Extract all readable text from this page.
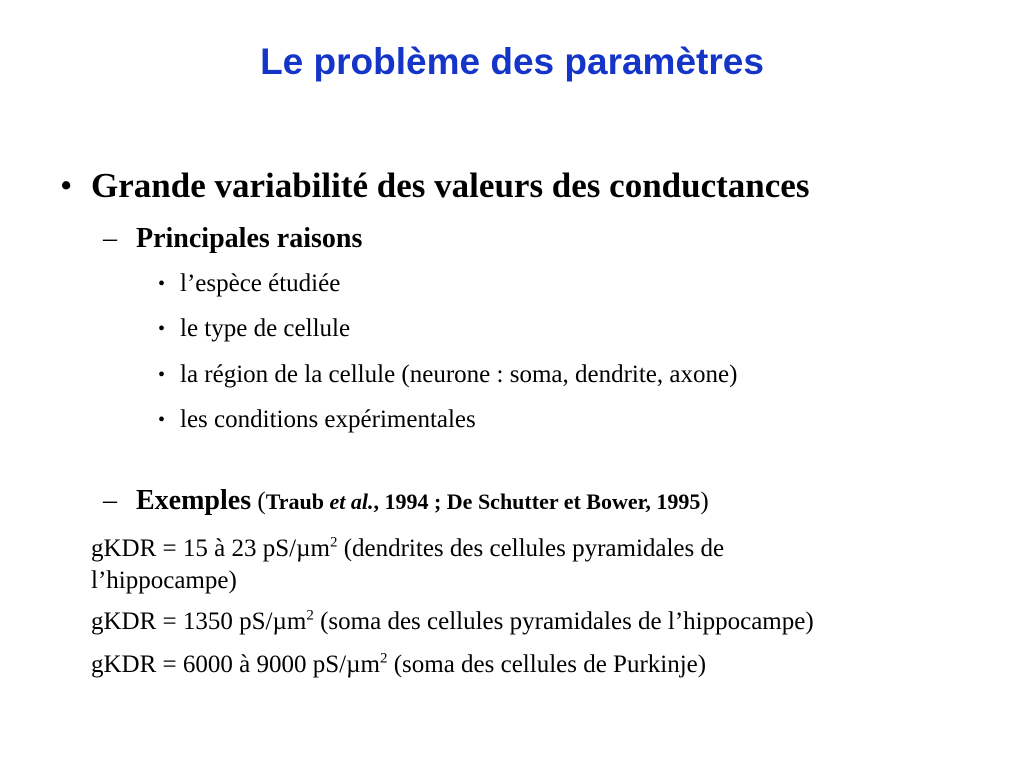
Le problème des paramètres
• Grande variabilité des valeurs des conductances
– Principales raisons
• l’espèce étudiée
• le type de cellule
• la région de la cellule (neurone : soma, dendrite, axone)
• les conditions expérimentales
– Exemples (Traub et al., 1994 ; De Schutter et Bower, 1995)
gKDR = 15 à 23 pS/µm$^2$ (dendrites des cellules pyramidales de
l’hippocampe)
gKDR = 1350 pS/µm$^2$ (soma des cellules pyramidales de l’hippocampe)
gKDR = 6000 à 9000 pS/µm$^2$ (soma des cellules de Purkinje)
